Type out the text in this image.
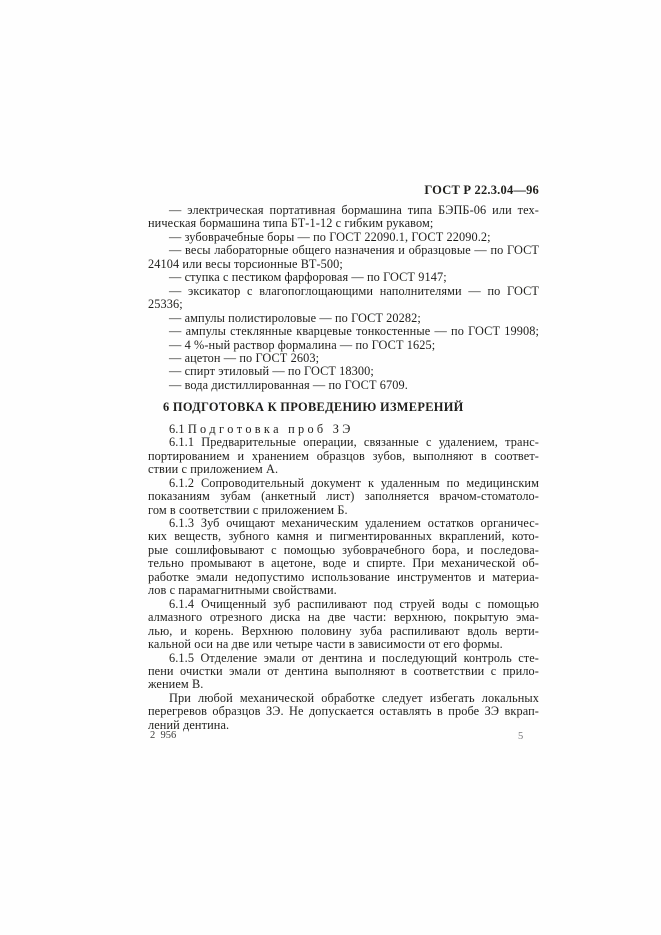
ГОСТ Р 22.3.04—96
— электрическая портативная бормашина типа БЭПБ-06 или тех-
ническая бормашина типа БТ-1-12 с гибким рукавом;
— зубоврачебные боры — по ГОСТ 22090.1, ГОСТ 22090.2;
— весы лабораторные общего назначения и образцовые — по ГОСТ
24104 или весы торсионные ВТ-500;
— ступка с пестиком фарфоровая — по ГОСТ 9147;
— эксикатор с влагопоглощающими наполнителями — по ГОСТ
25336;
— ампулы полистироловые — по ГОСТ 20282;
— ампулы стеклянные кварцевые тонкостенные — по ГОСТ 19908;
— 4 %-ный раствор формалина — по ГОСТ 1625;
— ацетон — по ГОСТ 2603;
— спирт этиловый — по ГОСТ 18300;
— вода дистиллированная — по ГОСТ 6709.
6 ПОДГОТОВКА К ПРОВЕДЕНИЮ ИЗМЕРЕНИЙ
6.1 П о д г о т о в к а   п р о б   З Э
6.1.1 Предварительные операции, связанные с удалением, транс-
портированием и хранением образцов зубов, выполняют в соответ-
ствии с приложением А.
6.1.2 Сопроводительный документ к удаленным по медицинским
показаниям зубам (анкетный лист) заполняется врачом-стоматоло-
гом в соответствии с приложением Б.
6.1.3 Зуб очищают механическим удалением остатков органичес-
ких веществ, зубного камня и пигментированных вкраплений, кото-
рые сошлифовывают с помощью зубоврачебного бора, и последова-
тельно промывают в ацетоне, воде и спирте. При механической об-
работке эмали недопустимо использование инструментов и материа-
лов с парамагнитными свойствами.
6.1.4 Очищенный зуб распиливают под струей воды с помощью
алмазного отрезного диска на две части: верхнюю, покрытую эма-
лью, и корень. Верхнюю половину зуба распиливают вдоль верти-
кальной оси на две или четыре части в зависимости от его формы.
6.1.5 Отделение эмали от дентина и последующий контроль сте-
пени очистки эмали от дентина выполняют в соответствии с прило-
жением В.
При любой механической обработке следует избегать локальных
перегревов образцов ЗЭ. Не допускается оставлять в пробе ЗЭ вкрап-
лений дентина.
2  956	5
